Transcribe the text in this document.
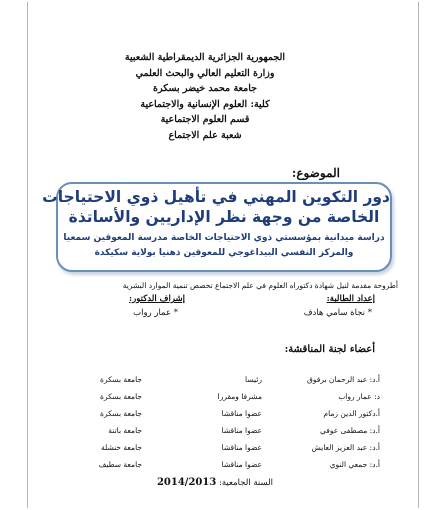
الجمهورية الجزائرية الديمقراطية الشعبية
وزارة التعليم العالي والبحث العلمي
جامعة محمد خيضر بسكرة
كلية: العلوم الإنسانية والاجتماعية
قسم العلوم الاجتماعية
شعبة علم الاجتماع
الموضوع:
دور التكوين المهني في تأهيل ذوي الاحتياجات
الخاصة من وجهة نظر الإداريين والأساتذة
دراسة ميدانية بمؤسستي ذوي الاحتياجات الخاصة مدرسة المعوقين سمعيا
والمركز النفسي البيداغوجي للمعوقين ذهنيا بولاية سكيكدة
أطروحة مقدمة لنيل شهادة دكتوراه العلوم في علم الاجتماع تخصص تنمية الموارد البشرية
إعداد الطالبة:
إشراف الدكتور:
* نجاة سامي هادف
* عمار رواب
أعضاء لجنة المناقشة:
أ.د: عبد الرحمان برقوق
رئيسا
جامعة بسكرة
د: عمار رواب
مشرفا ومقررا
جامعة بسكرة
أ.دكتور الدين زمام
عضوا مناقشا
جامعة بسكرة
أ.د: مصطفى عوفي
عضوا مناقشا
جامعة باتنة
أ.د: عبد العزيز العايش
عضوا مناقشا
جامعة خنشلة
أ.د: جمعي النوي
عضوا مناقشا
جامعة سطيف
السنة الجامعية: 2014/2013
